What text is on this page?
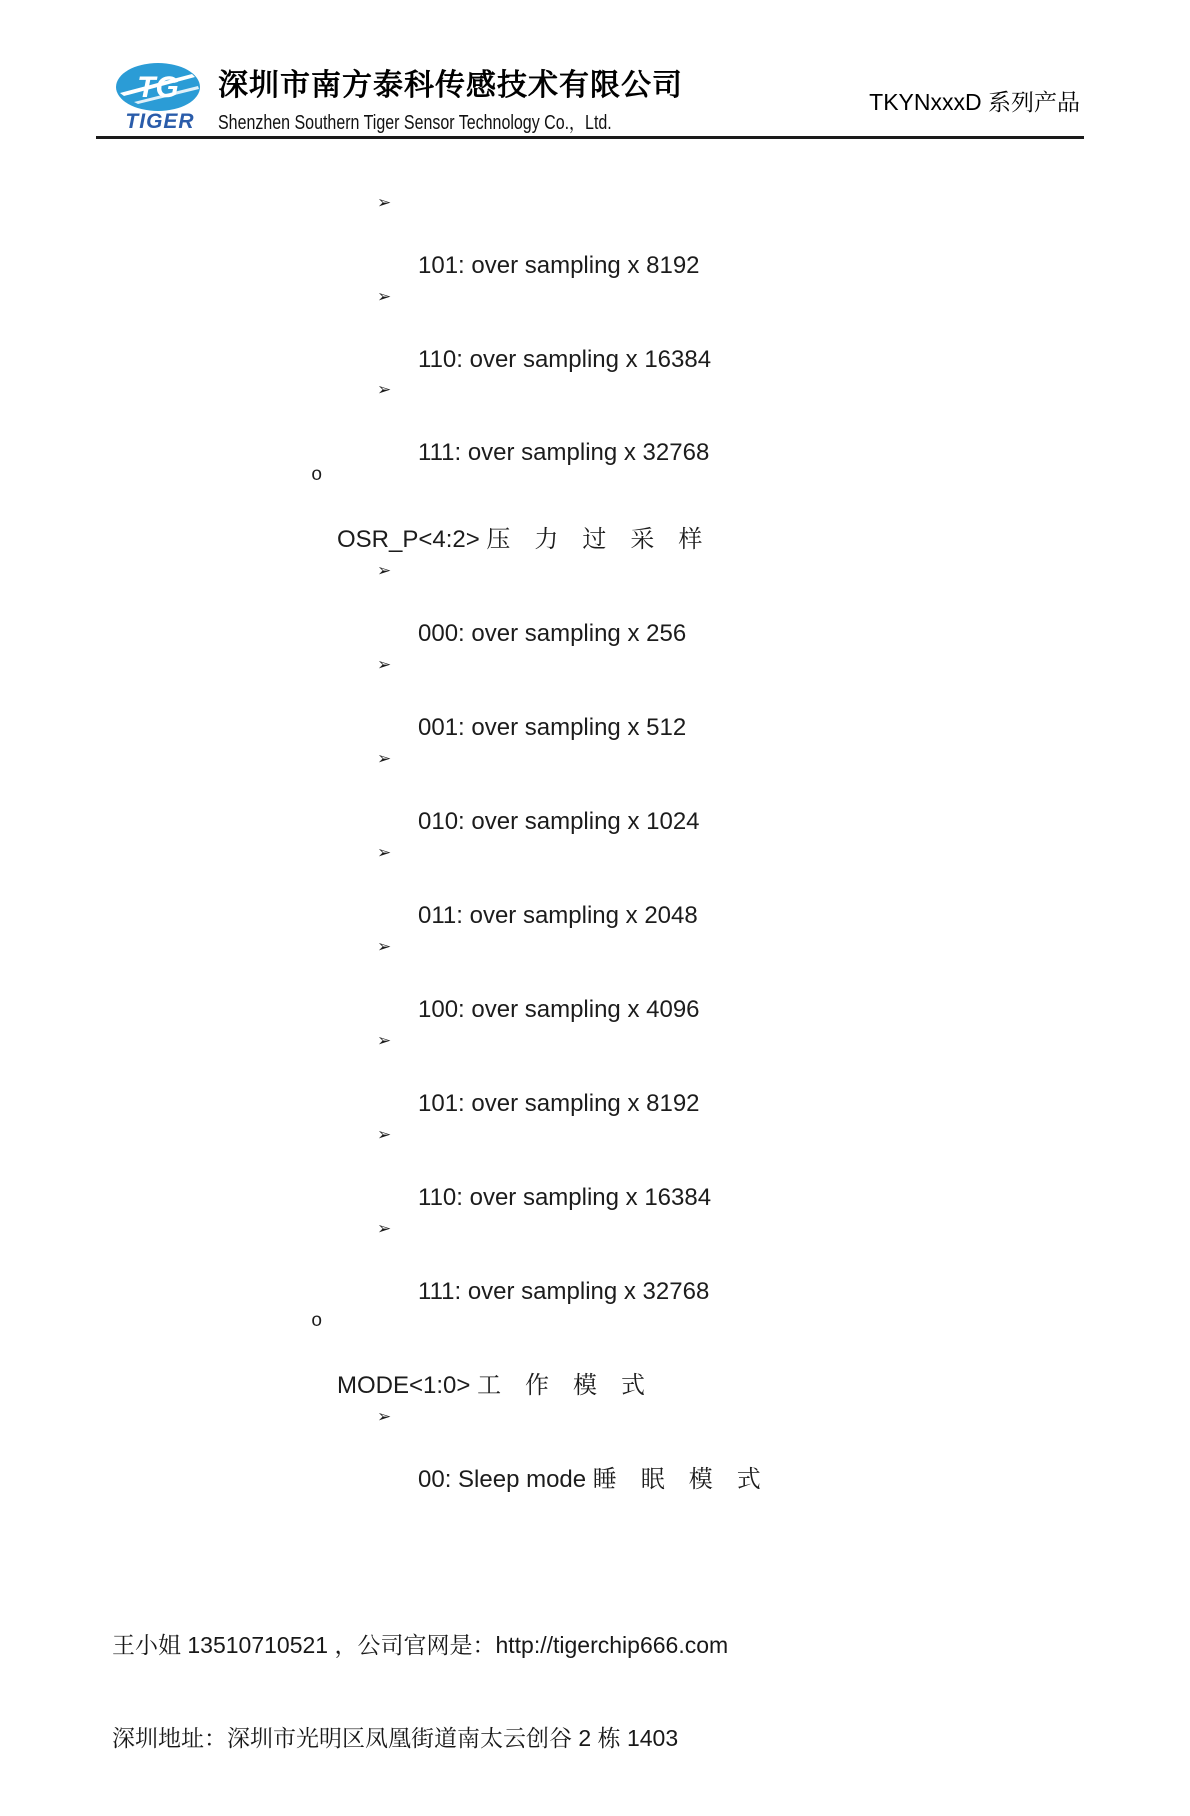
TG
TIGER
深圳市南方泰科传感技术有限公司
Shenzhen Southern Tiger Sensor Technology Co.，Ltd.
TKYNxxxD 系列产品

➢

101: over sampling x 8192

➢

110: over sampling x 16384

➢

111: over sampling x 32768

o

OSR_P<4:2> 压　力　过　采　样

➢

000: over sampling x 256

➢

001: over sampling x 512

➢

010: over sampling x 1024

➢

011: over sampling x 2048

➢

100: over sampling x 4096

➢

101: over sampling x 8192

➢

110: over sampling x 16384

➢

111: over sampling x 32768

o

MODE<1:0> 工　作　模　式

➢

00: Sleep mode 睡　眠　模　式

王小姐 13510710521 ，公司官网是：http://tigerchip666.com

深圳地址：深圳市光明区凤凰街道南太云创谷 2 栋 1403
